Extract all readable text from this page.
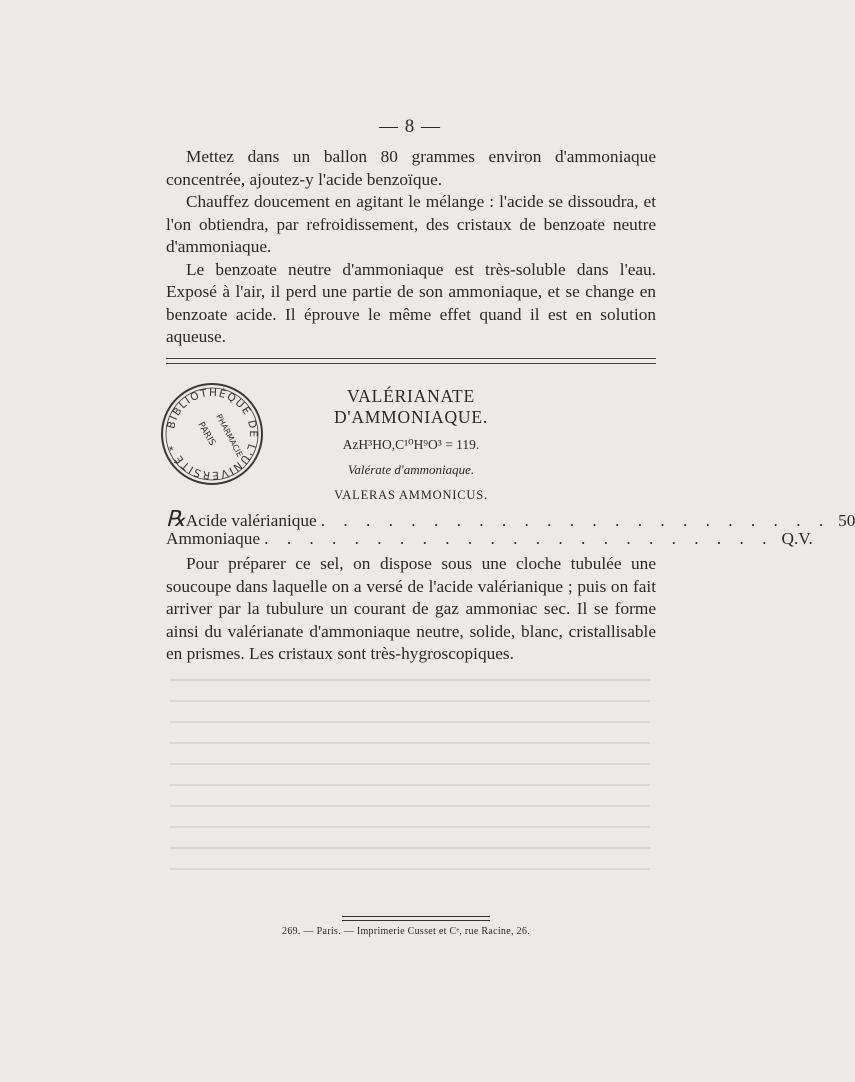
— 8 —

Mettez dans un ballon 80 grammes environ d'ammoniaque concentrée, ajoutez-y l'acide benzoïque.

Chauffez doucement en agitant le mélange : l'acide se dissoudra, et l'on obtiendra, par refroidissement, des cristaux de benzoate neutre d'ammoniaque.

Le benzoate neutre d'ammoniaque est très-soluble dans l'eau. Exposé à l'air, il perd une partie de son ammoniaque, et se change en benzoate acide. Il éprouve le même effet quand il est en solution aqueuse.

BIBLIOTHÈQUE DE L'UNIVERSITÉ *	PARIS
PHARMACIE

VALÉRIANATE D'AMMONIAQUE.

AzH³HO,C¹⁰H⁹O³ = 119.

Valérate d'ammoniaque.

VALERAS AMMONICUS.

℞ Acide valérianique . . . . . . . . . . . . . . . . . . . . . . . 50
Ammoniaque . . . . . . . . . . . . . . . . . . . . . . . Q.V.

Pour préparer ce sel, on dispose sous une cloche tubulée une soucoupe dans laquelle on a versé de l'acide valérianique ; puis on fait arriver par la tubulure un courant de gaz ammoniac sec. Il se forme ainsi du valérianate d'ammoniaque neutre, solide, blanc, cristallisable en prismes. Les cristaux sont très-hygroscopiques.

269. — Paris. — Imprimerie Cusset et Cᵉ, rue Racine, 26.
